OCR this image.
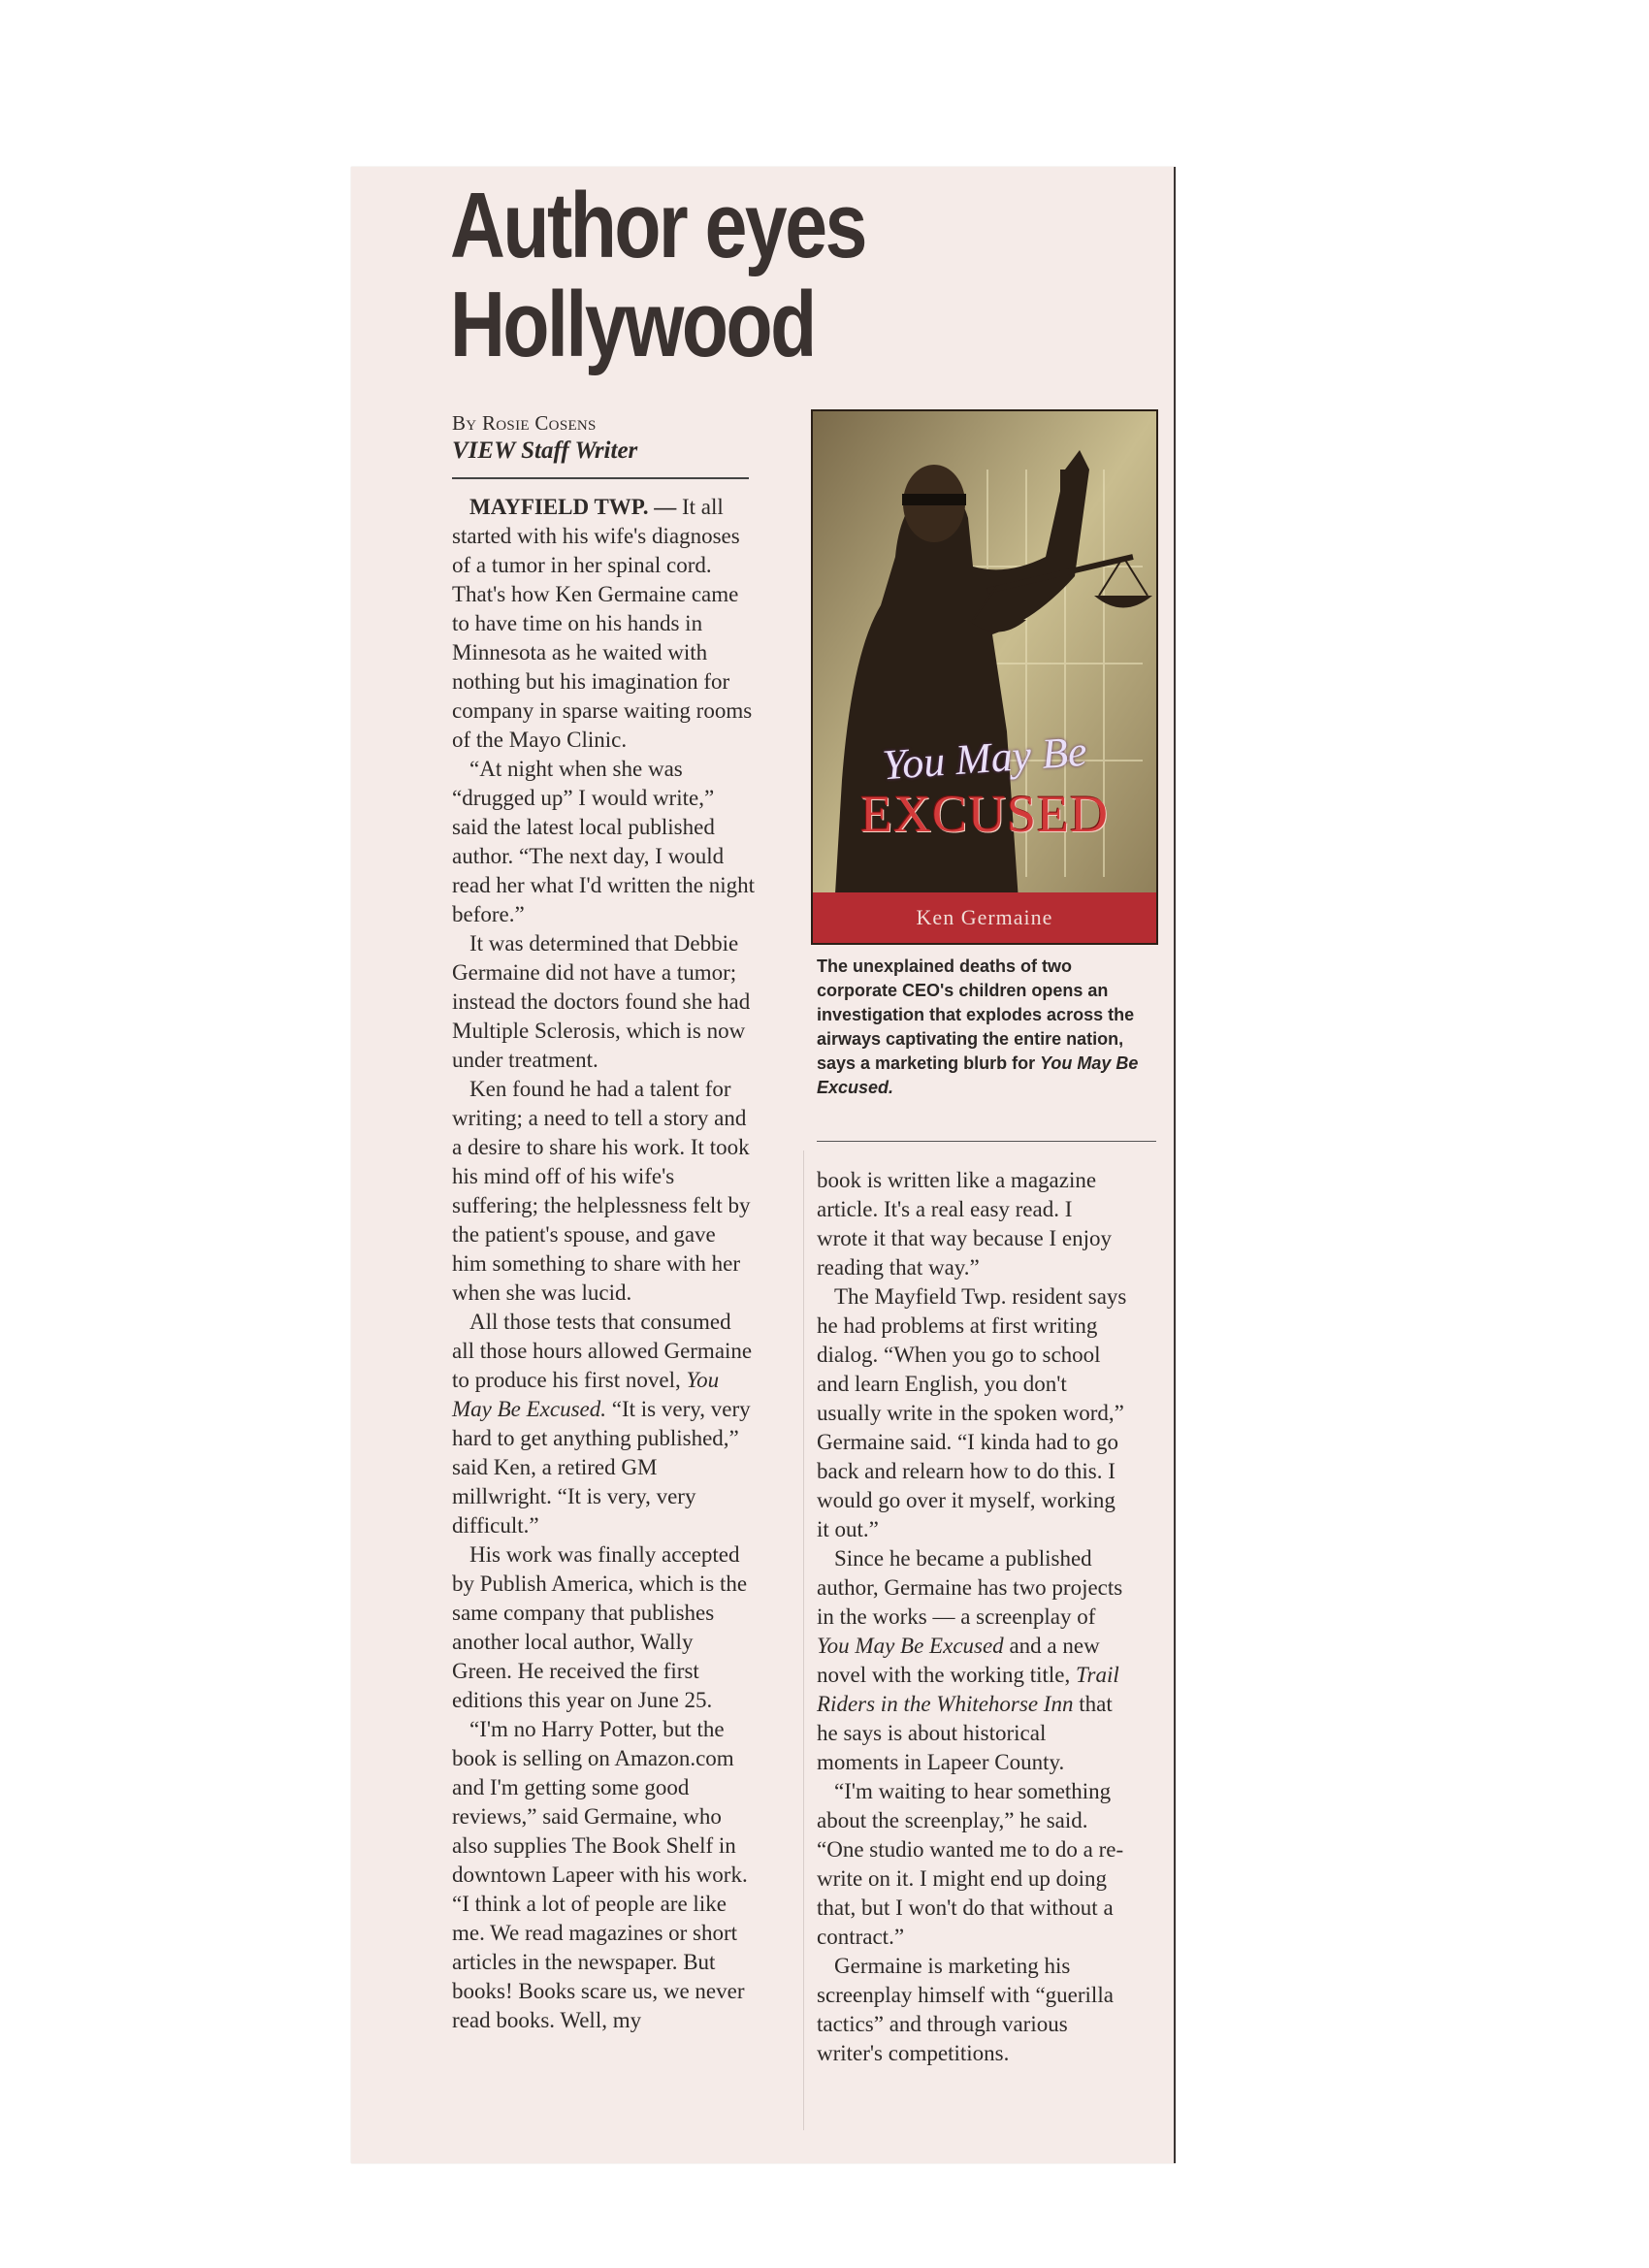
Author eyes
Hollywood
By Rosie Cosens
VIEW Staff Writer

MAYFIELD TWP. — It all started with his wife's diagnoses of a tumor in her spinal cord. That's how Ken Germaine came to have time on his hands in Minnesota as he waited with nothing but his imagination for company in sparse waiting rooms of the Mayo Clinic.

“At night when she was “drugged up” I would write,” said the latest local published author. “The next day, I would read her what I'd written the night before.”

It was determined that Debbie Germaine did not have a tumor; instead the doctors found she had Multiple Sclerosis, which is now under treatment.

Ken found he had a talent for writing; a need to tell a story and a desire to share his work. It took his mind off of his wife's suffering; the helplessness felt by the patient's spouse, and gave him something to share with her when she was lucid.

All those tests that consumed all those hours allowed Germaine to produce his first novel, You May Be Excused. “It is very, very hard to get anything published,” said Ken, a retired GM millwright. “It is very, very difficult.”

His work was finally accepted by Publish America, which is the same company that publishes another local author, Wally Green. He received the first editions this year on June 25.

“I'm no Harry Potter, but the book is selling on Amazon.com and I'm getting some good reviews,” said Germaine, who also supplies The Book Shelf in downtown Lapeer with his work. “I think a lot of people are like me. We read magazines or short articles in the newspaper. But books! Books scare us, we never read books. Well, my

You May Be
EXCUSED
Ken Germaine
The unexplained deaths of two corporate CEO's children opens an investigation that explodes across the airways captivating the entire nation, says a marketing blurb for You May Be Excused.

book is written like a magazine article. It's a real easy read. I wrote it that way because I enjoy reading that way.”

The Mayfield Twp. resident says he had problems at first writing dialog. “When you go to school and learn English, you don't usually write in the spoken word,” Germaine said. “I kinda had to go back and relearn how to do this. I would go over it myself, working it out.”

Since he became a published author, Germaine has two projects in the works — a screenplay of You May Be Excused and a new novel with the working title, Trail Riders in the Whitehorse Inn that he says is about historical moments in Lapeer County.

“I'm waiting to hear something about the screenplay,” he said. “One studio wanted me to do a re-write on it. I might end up doing that, but I won't do that without a contract.”

Germaine is marketing his screenplay himself with “guerilla tactics” and through various writer's competitions.
